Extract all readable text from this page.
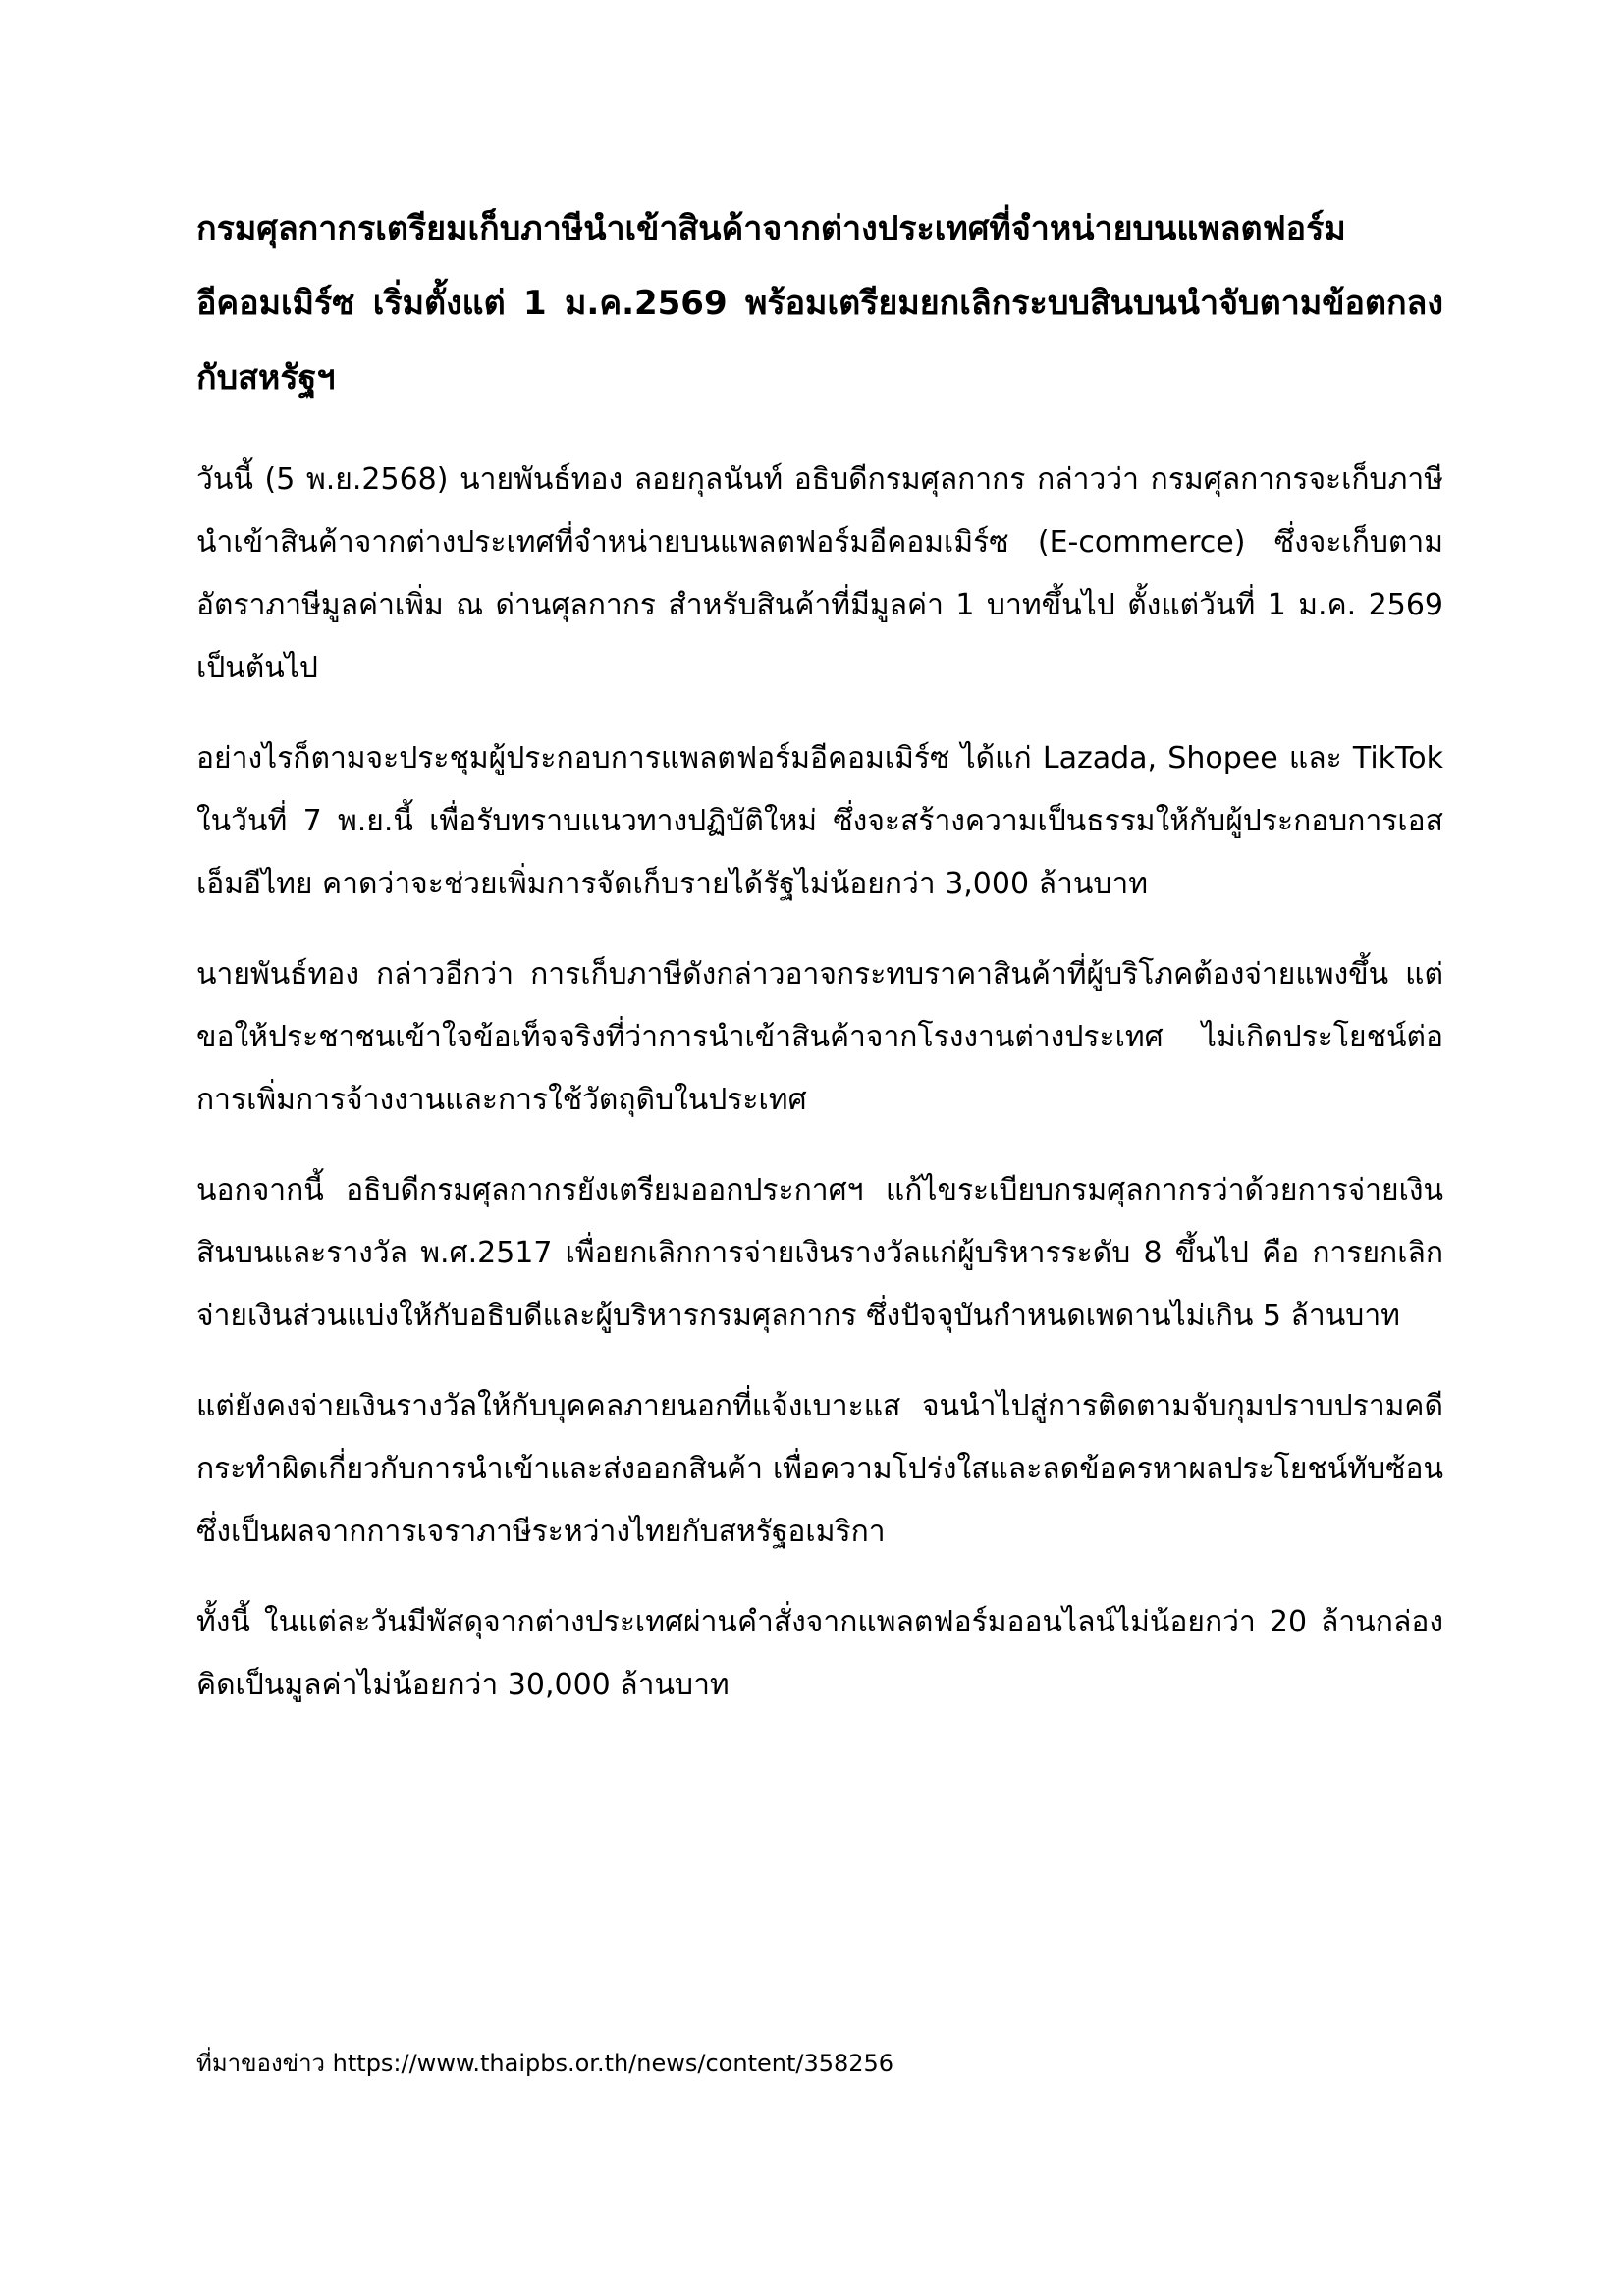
กรมศุลกากรเตรียมเก็บภาษีนำเข้าสินค้าจากต่างประเทศที่จำหน่ายบนแพลตฟอร์มอีคอมเมิร์ซ เริ่มตั้งแต่ 1 ม.ค.2569 พร้อมเตรียมยกเลิกระบบสินบนนำจับตามข้อตกลงกับสหรัฐฯ

วันนี้ (5 พ.ย.2568) นายพันธ์ทอง ลอยกุลนันท์ อธิบดีกรมศุลกากร กล่าวว่า กรมศุลกากรจะเก็บภาษีนำเข้าสินค้าจากต่างประเทศที่จำหน่ายบนแพลตฟอร์มอีคอมเมิร์ซ (E-commerce) ซึ่งจะเก็บตามอัตราภาษีมูลค่าเพิ่ม ณ ด่านศุลกากร สำหรับสินค้าที่มีมูลค่า 1 บาทขึ้นไป ตั้งแต่วันที่ 1 ม.ค. 2569 เป็นต้นไป

อย่างไรก็ตามจะประชุมผู้ประกอบการแพลตฟอร์มอีคอมเมิร์ซ ได้แก่ Lazada, Shopee และ TikTok ในวันที่ 7 พ.ย.นี้ เพื่อรับทราบแนวทางปฏิบัติใหม่ ซึ่งจะสร้างความเป็นธรรมให้กับผู้ประกอบการเอสเอ็มอีไทย คาดว่าจะช่วยเพิ่มการจัดเก็บรายได้รัฐไม่น้อยกว่า 3,000 ล้านบาท

นายพันธ์ทอง กล่าวอีกว่า การเก็บภาษีดังกล่าวอาจกระทบราคาสินค้าที่ผู้บริโภคต้องจ่ายแพงขึ้น แต่ขอให้ประชาชนเข้าใจข้อเท็จจริงที่ว่าการนำเข้าสินค้าจากโรงงานต่างประเทศ ไม่เกิดประโยชน์ต่อการเพิ่มการจ้างงานและการใช้วัตถุดิบในประเทศ

นอกจากนี้ อธิบดีกรมศุลกากรยังเตรียมออกประกาศฯ แก้ไขระเบียบกรมศุลกากรว่าด้วยการจ่ายเงินสินบนและรางวัล พ.ศ.2517 เพื่อยกเลิกการจ่ายเงินรางวัลแก่ผู้บริหารระดับ 8 ขึ้นไป คือ การยกเลิกจ่ายเงินส่วนแบ่งให้กับอธิบดีและผู้บริหารกรมศุลกากร ซึ่งปัจจุบันกำหนดเพดานไม่เกิน 5 ล้านบาท

แต่ยังคงจ่ายเงินรางวัลให้กับบุคคลภายนอกที่แจ้งเบาะแส จนนำไปสู่การติดตามจับกุมปราบปรามคดีกระทำผิดเกี่ยวกับการนำเข้าและส่งออกสินค้า เพื่อความโปร่งใสและลดข้อครหาผลประโยชน์ทับซ้อน ซึ่งเป็นผลจากการเจราภาษีระหว่างไทยกับสหรัฐอเมริกา

ทั้งนี้ ในแต่ละวันมีพัสดุจากต่างประเทศผ่านคำสั่งจากแพลตฟอร์มออนไลน์ไม่น้อยกว่า 20 ล้านกล่อง คิดเป็นมูลค่าไม่น้อยกว่า 30,000 ล้านบาท

ที่มาของข่าว https://www.thaipbs.or.th/news/content/358256
